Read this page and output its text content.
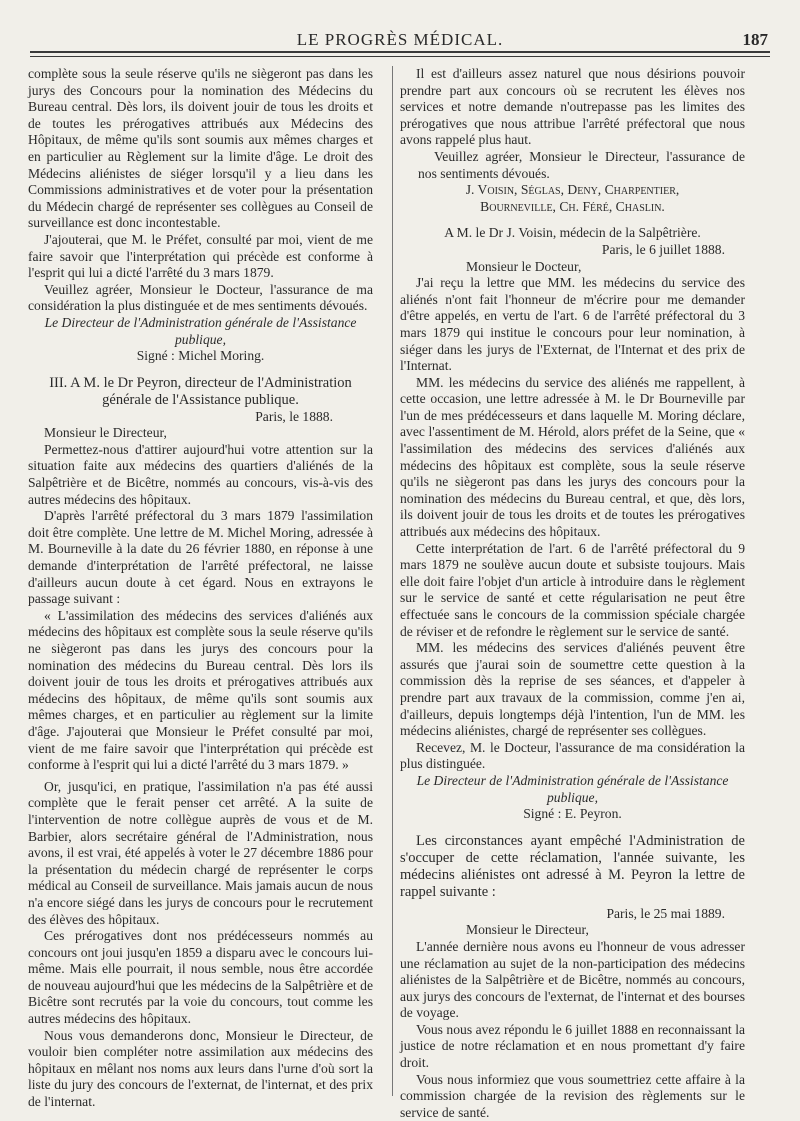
LE PROGRÈS MÉDICAL.	187

complète sous la seule réserve qu'ils ne siègeront pas dans les jurys des Concours pour la nomination des Médecins du Bureau central. Dès lors, ils doivent jouir de tous les droits et de toutes les prérogatives attribués aux Médecins des Hôpitaux, de même qu'ils sont soumis aux mêmes charges et en particulier au Règlement sur la limite d'âge. Le droit des Médecins aliénistes de siéger lorsqu'il y a lieu dans les Commissions administratives et de voter pour la présentation du Médecin chargé de représenter ses collègues au Conseil de surveillance est donc incontestable.

J'ajouterai, que M. le Préfet, consulté par moi, vient de me faire savoir que l'interprétation qui précède est conforme à l'esprit qui lui a dicté l'arrêté du 3 mars 1879.

Veuillez agréer, Monsieur le Docteur, l'assurance de ma considération la plus distinguée et de mes sentiments dévoués.

Le Directeur de l'Administration générale de l'Assistance publique,

Signé : Michel Moring.

III. A M. le Dr Peyron, directeur de l'Administration générale de l'Assistance publique.

Paris, le 1888.

Monsieur le Directeur,

Permettez-nous d'attirer aujourd'hui votre attention sur la situation faite aux médecins des quartiers d'aliénés de la Salpêtrière et de Bicêtre, nommés au concours, vis-à-vis des autres médecins des hôpitaux.

D'après l'arrêté préfectoral du 3 mars 1879 l'assimilation doit être complète. Une lettre de M. Michel Moring, adressée à M. Bourneville à la date du 26 février 1880, en réponse à une demande d'interprétation de l'arrêté préfectoral, ne laisse d'ailleurs aucun doute à cet égard. Nous en extrayons le passage suivant :

« L'assimilation des médecins des services d'aliénés aux médecins des hôpitaux est complète sous la seule réserve qu'ils ne siègeront pas dans les jurys des concours pour la nomination des médecins du Bureau central. Dès lors ils doivent jouir de tous les droits et prérogatives attribués aux médecins des hôpitaux, de même qu'ils sont soumis aux mêmes charges, et en particulier au règlement sur la limite d'âge. J'ajouterai que Monsieur le Préfet consulté par moi, vient de me faire savoir que l'interprétation qui précède est conforme à l'esprit qui lui a dicté l'arrêté du 3 mars 1879. »

Or, jusqu'ici, en pratique, l'assimilation n'a pas été aussi complète que le ferait penser cet arrêté. A la suite de l'intervention de notre collègue auprès de vous et de M. Barbier, alors secrétaire général de l'Administration, nous avons, il est vrai, été appelés à voter le 27 décembre 1886 pour la présentation du médecin chargé de représenter le corps médical au Conseil de surveillance. Mais jamais aucun de nous n'a encore siégé dans les jurys de concours pour le recrutement des élèves des hôpitaux.

Ces prérogatives dont nos prédécesseurs nommés au concours ont joui jusqu'en 1859 a disparu avec le concours lui-même. Mais elle pourrait, il nous semble, nous être accordée de nouveau aujourd'hui que les médecins de la Salpêtrière et de Bicêtre sont recrutés par la voie du concours, tout comme les autres médecins des hôpitaux.

Nous vous demanderons donc, Monsieur le Directeur, de vouloir bien compléter notre assimilation aux médecins des hôpitaux en mêlant nos noms aux leurs dans l'urne d'où sort la liste du jury des concours de l'externat, de l'internat, et des prix de l'internat.

Il est d'ailleurs assez naturel que nous désirions pouvoir prendre part aux concours où se recrutent les élèves nos services et notre demande n'outrepasse pas les limites des prérogatives que nous attribue l'arrêté préfectoral que nous avons rappelé plus haut.

Veuillez agréer, Monsieur le Directeur, l'assurance de nos sentiments dévoués.

J. Voisin, Séglas, Deny, Charpentier,

Bourneville, Ch. Féré, Chaslin.

A M. le Dr J. Voisin, médecin de la Salpêtrière.

Paris, le 6 juillet 1888.

Monsieur le Docteur,

J'ai reçu la lettre que MM. les médecins du service des aliénés n'ont fait l'honneur de m'écrire pour me demander d'être appelés, en vertu de l'art. 6 de l'arrêté préfectoral du 3 mars 1879 qui institue le concours pour leur nomination, à siéger dans les jurys de l'Externat, de l'Internat et des prix de l'Internat.

MM. les médecins du service des aliénés me rappellent, à cette occasion, une lettre adressée à M. le Dr Bourneville par l'un de mes prédécesseurs et dans laquelle M. Moring déclare, avec l'assentiment de M. Hérold, alors préfet de la Seine, que « l'assimilation des médecins des services d'aliénés aux médecins des hôpitaux est complète, sous la seule réserve qu'ils ne siègeront pas dans les jurys des concours pour la nomination des médecins du Bureau central, et que, dès lors, ils doivent jouir de tous les droits et de toutes les prérogatives attribués aux médecins des hôpitaux.

Cette interprétation de l'art. 6 de l'arrêté préfectoral du 9 mars 1879 ne soulève aucun doute et subsiste toujours. Mais elle doit faire l'objet d'un article à introduire dans le règlement sur le service de santé et cette régularisation ne peut être effectuée sans le concours de la commission spéciale chargée de réviser et de refondre le règlement sur le service de santé.

MM. les médecins des services d'aliénés peuvent être assurés que j'aurai soin de soumettre cette question à la commission dès la reprise de ses séances, et d'appeler à prendre part aux travaux de la commission, comme j'en ai, d'ailleurs, depuis longtemps déjà l'intention, l'un de MM. les médecins aliénistes, chargé de représenter ses collègues.

Recevez, M. le Docteur, l'assurance de ma considération la plus distinguée.

Le Directeur de l'Administration générale de l'Assistance publique,

Signé : E. Peyron.

Les circonstances ayant empêché l'Administration de s'occuper de cette réclamation, l'année suivante, les médecins aliénistes ont adressé à M. Peyron la lettre de rappel suivante :

Paris, le 25 mai 1889.

Monsieur le Directeur,

L'année dernière nous avons eu l'honneur de vous adresser une réclamation au sujet de la non-participation des médecins aliénistes de la Salpêtrière et de Bicêtre, nommés au concours, aux jurys des concours de l'externat, de l'internat et des bourses de voyage.

Vous nous avez répondu le 6 juillet 1888 en reconnaissant la justice de notre réclamation et en nous promettant d'y faire droit.

Vous nous informiez que vous soumettriez cette affaire à la commission chargée de la revision des règlements sur le service de santé.
